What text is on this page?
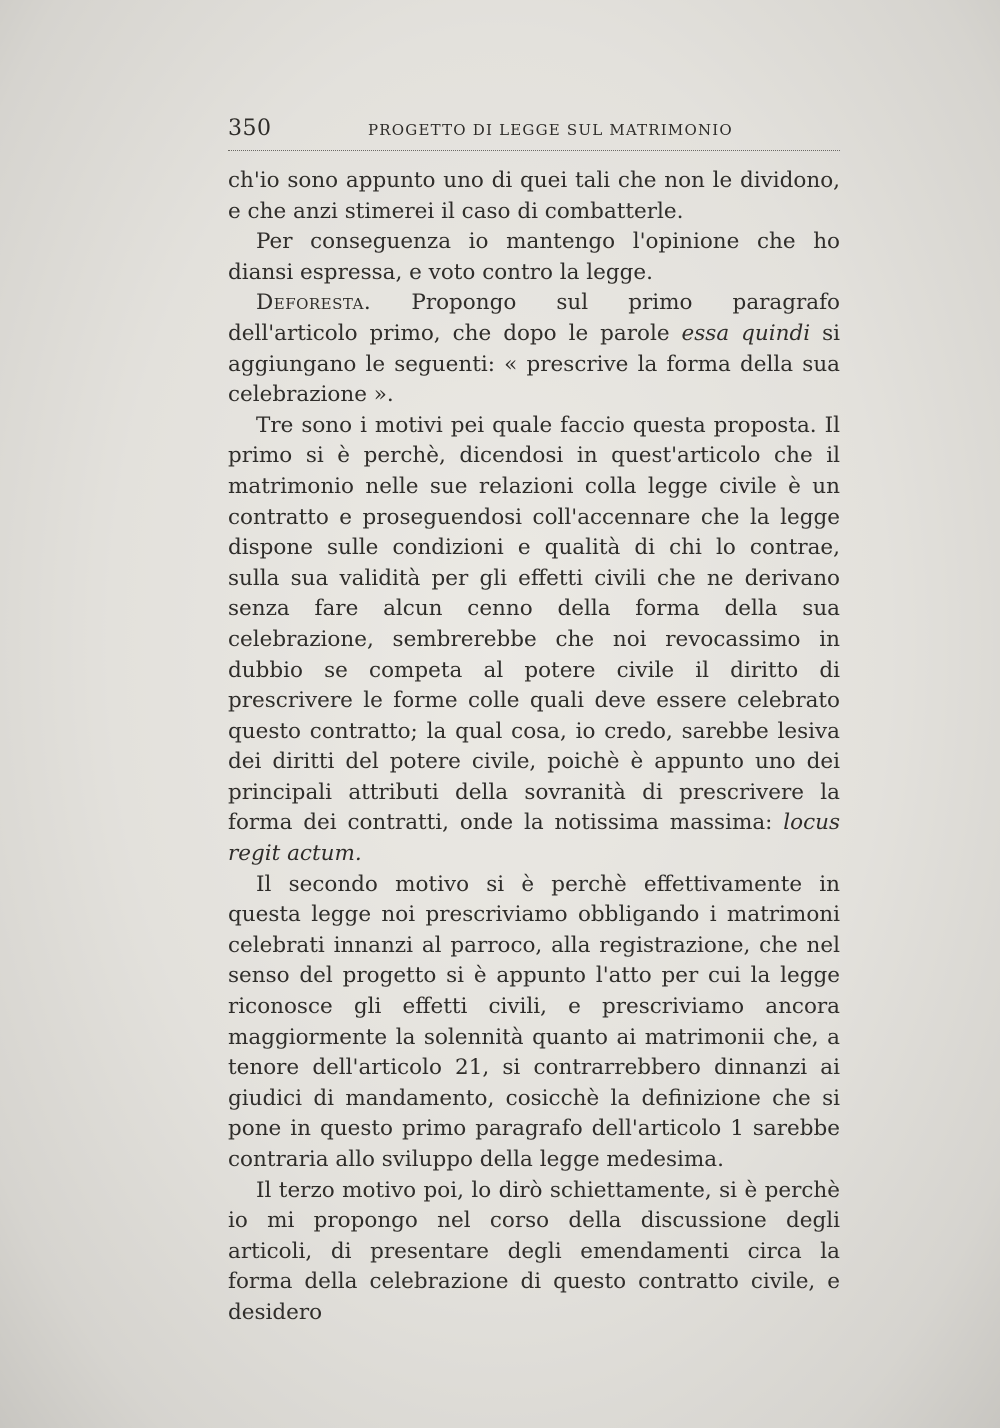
350	PROGETTO DI LEGGE SUL MATRIMONIO

ch'io sono appunto uno di quei tali che non le dividono, e che anzi stimerei il caso di combatterle.

Per conseguenza io mantengo l'opinione che ho diansi espressa, e voto contro la legge.

Deforesta. Propongo sul primo paragrafo dell'articolo primo, che dopo le parole essa quindi si aggiungano le seguenti: « prescrive la forma della sua celebrazione ».

Tre sono i motivi pei quale faccio questa proposta. Il primo si è perchè, dicendosi in quest'articolo che il matrimonio nelle sue relazioni colla legge civile è un contratto e proseguendosi coll'accennare che la legge dispone sulle condizioni e qualità di chi lo contrae, sulla sua validità per gli effetti civili che ne derivano senza fare alcun cenno della forma della sua celebrazione, sembrerebbe che noi revocassimo in dubbio se competa al potere civile il diritto di prescrivere le forme colle quali deve essere celebrato questo contratto; la qual cosa, io credo, sarebbe lesiva dei diritti del potere civile, poichè è appunto uno dei principali attributi della sovranità di prescrivere la forma dei contratti, onde la notissima massima: locus regit actum.

Il secondo motivo si è perchè effettivamente in questa legge noi prescriviamo obbligando i matrimoni celebrati innanzi al parroco, alla registrazione, che nel senso del progetto si è appunto l'atto per cui la legge riconosce gli effetti civili, e prescriviamo ancora maggiormente la solennità quanto ai matrimonii che, a tenore dell'articolo 21, si contrarrebbero dinnanzi ai giudici di mandamento, cosicchè la definizione che si pone in questo primo paragrafo dell'articolo 1 sarebbe contraria allo sviluppo della legge medesima.

Il terzo motivo poi, lo dirò schiettamente, si è perchè io mi propongo nel corso della discussione degli articoli, di presentare degli emendamenti circa la forma della celebrazione di questo contratto civile, e desidero
